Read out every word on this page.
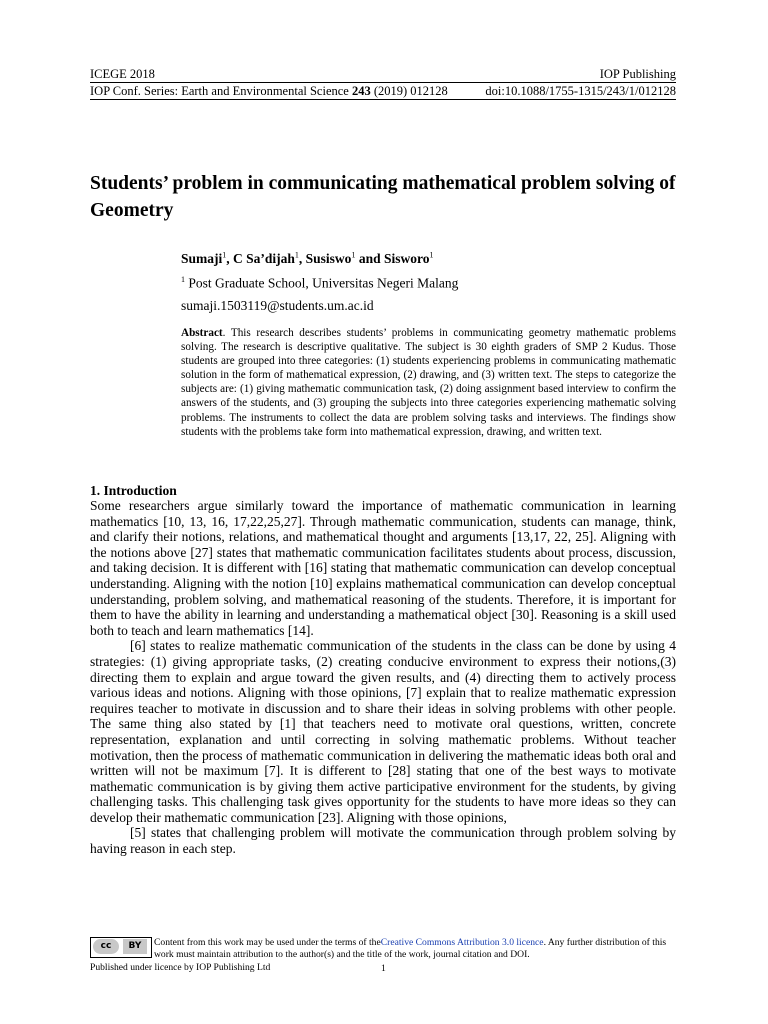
ICEGE 2018	IOP Publishing
IOP Conf. Series: Earth and Environmental Science 243 (2019) 012128	doi:10.1088/1755-1315/243/1/012128
Students’ problem in communicating mathematical problem solving of Geometry
Sumaji$^1$, C Sa’dijah$^1$, Susiswo$^1$ and Sisworo$^1$
$^1$ Post Graduate School, Universitas Negeri Malang
sumaji.1503119@students.um.ac.id
Abstract. This research describes students’ problems in communicating geometry mathematic problems solving. The research is descriptive qualitative. The subject is 30 eighth graders of SMP 2 Kudus. Those students are grouped into three categories: (1) students experiencing problems in communicating mathematic solution in the form of mathematical expression, (2) drawing, and (3) written text. The steps to categorize the subjects are: (1) giving mathematic communication task, (2) doing assignment based interview to confirm the answers of the students, and (3) grouping the subjects into three categories experiencing mathematic solving problems. The instruments to collect the data are problem solving tasks and interviews. The findings show students with the problems take form into mathematical expression, drawing, and written text.
1. Introduction

Some researchers argue similarly toward the importance of mathematic communication in learning mathematics [10, 13, 16, 17,22,25,27]. Through mathematic communication, students can manage, think, and clarify their notions, relations, and mathematical thought and arguments [13,17, 22, 25]. Aligning with the notions above [27] states that mathematic communication facilitates students about process, discussion, and taking decision. It is different with [16] stating that mathematic communication can develop conceptual understanding. Aligning with the notion [10] explains mathematical communication can develop conceptual understanding, problem solving, and mathematical reasoning of the students. Therefore, it is important for them to have the ability in learning and understanding a mathematical object [30]. Reasoning is a skill used both to teach and learn mathematics [14].

[6] states to realize mathematic communication of the students in the class can be done by using 4 strategies: (1) giving appropriate tasks, (2) creating conducive environment to express their notions,(3) directing them to explain and argue toward the given results, and (4) directing them to actively process various ideas and notions. Aligning with those opinions, [7] explain that to realize mathematic expression requires teacher to motivate in discussion and to share their ideas in solving problems with other people. The same thing also stated by [1] that teachers need to motivate oral questions, written, concrete representation, explanation and until correcting in solving mathematic problems. Without teacher motivation, then the process of mathematic communication in delivering the mathematic ideas both oral and written will not be maximum [7]. It is different to [28] stating that one of the best ways to motivate mathematic communication is by giving them active participative environment for the students, by giving challenging tasks. This challenging task gives opportunity for the students to have more ideas so they can develop their mathematic communication [23]. Aligning with those opinions,

[5] states that challenging problem will motivate the communication through problem solving by having reason in each step.

cc	BY	Content from this work may be used under the terms of theCreative Commons Attribution 3.0 licence. Any further distribution of this work must maintain attribution to the author(s) and the title of the work, journal citation and DOI.
Published under licence by IOP Publishing Ltd	1
